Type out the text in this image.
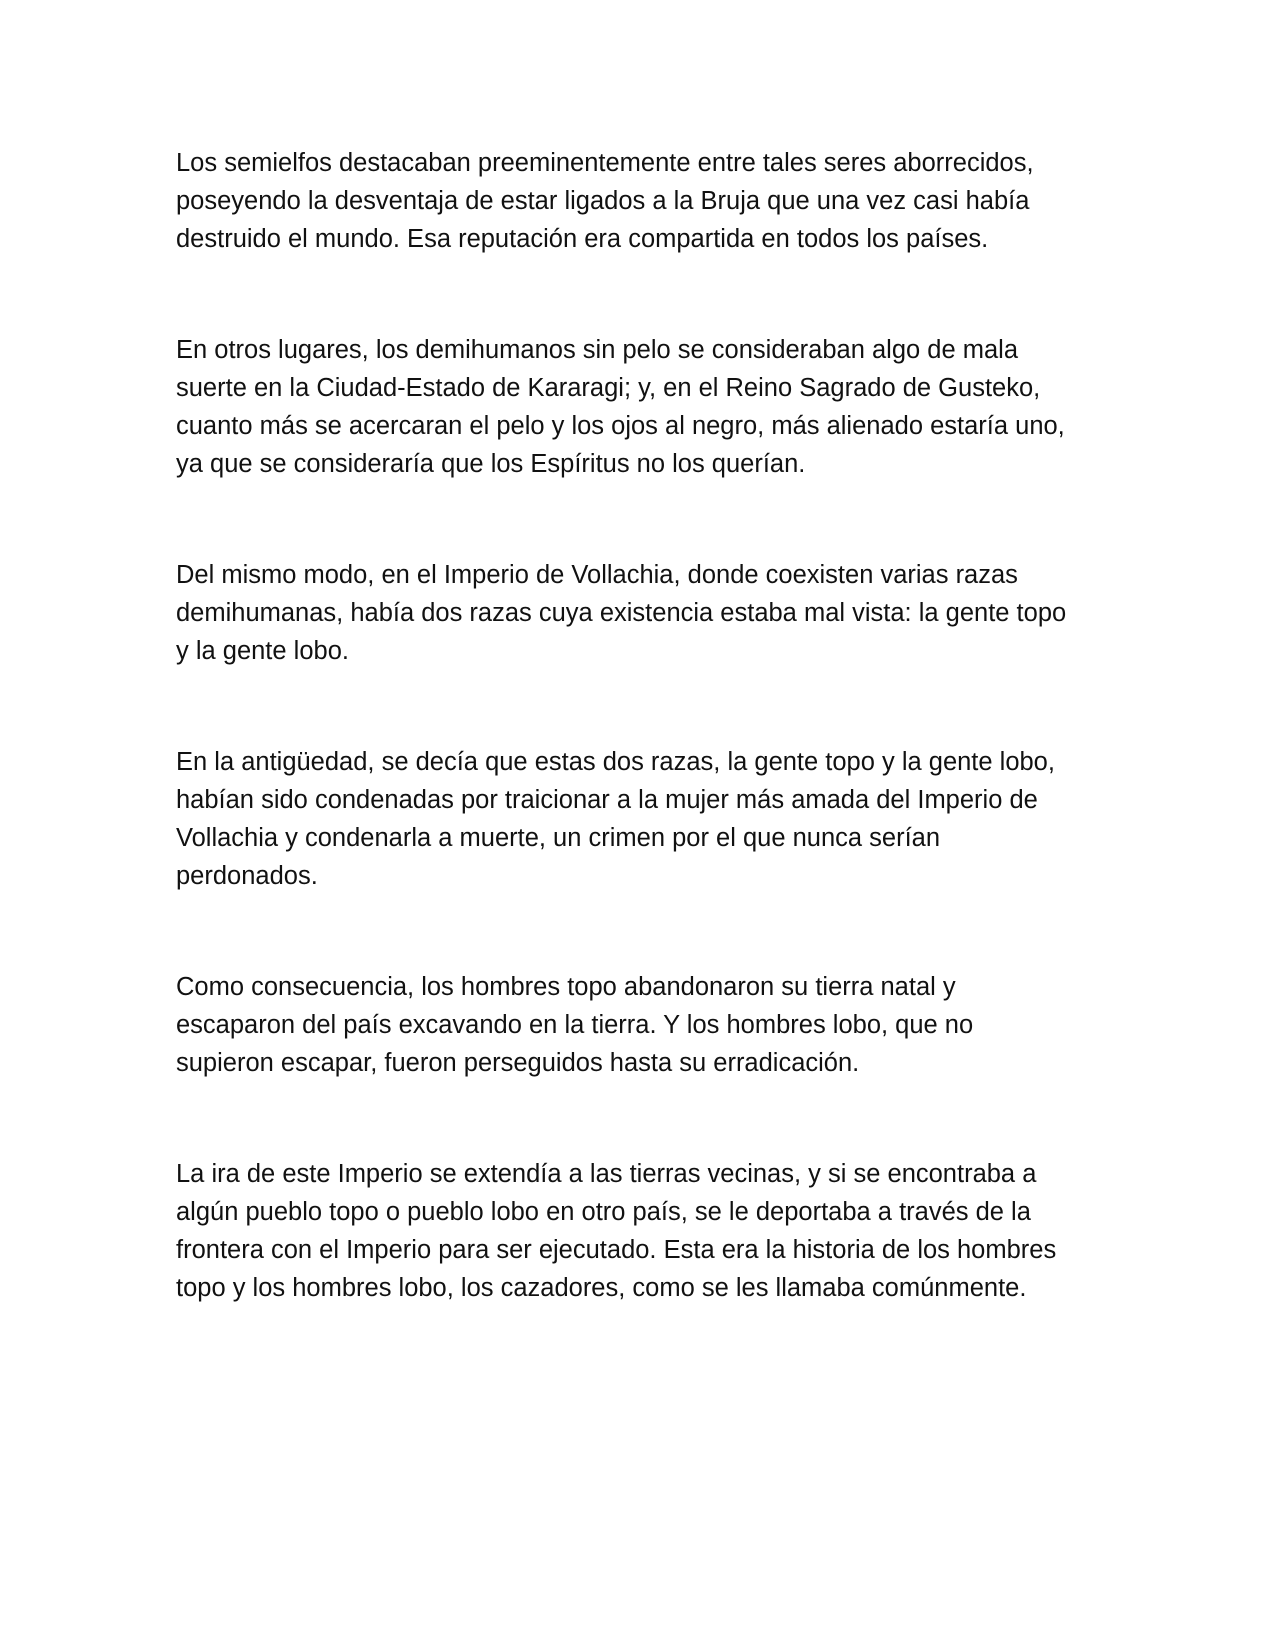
Los semielfos destacaban preeminentemente entre tales seres aborrecidos,
poseyendo la desventaja de estar ligados a la Bruja que una vez casi había
destruido el mundo. Esa reputación era compartida en todos los países.

En otros lugares, los demihumanos sin pelo se consideraban algo de mala
suerte en la Ciudad-Estado de Kararagi; y, en el Reino Sagrado de Gusteko,
cuanto más se acercaran el pelo y los ojos al negro, más alienado estaría uno,
ya que se consideraría que los Espíritus no los querían.

Del mismo modo, en el Imperio de Vollachia, donde coexisten varias razas
demihumanas, había dos razas cuya existencia estaba mal vista: la gente topo
y la gente lobo.

En la antigüedad, se decía que estas dos razas, la gente topo y la gente lobo,
habían sido condenadas por traicionar a la mujer más amada del Imperio de
Vollachia y condenarla a muerte, un crimen por el que nunca serían
perdonados.

Como consecuencia, los hombres topo abandonaron su tierra natal y
escaparon del país excavando en la tierra. Y los hombres lobo, que no
supieron escapar, fueron perseguidos hasta su erradicación.

La ira de este Imperio se extendía a las tierras vecinas, y si se encontraba a
algún pueblo topo o pueblo lobo en otro país, se le deportaba a través de la
frontera con el Imperio para ser ejecutado. Esta era la historia de los hombres
topo y los hombres lobo, los cazadores, como se les llamaba comúnmente.
